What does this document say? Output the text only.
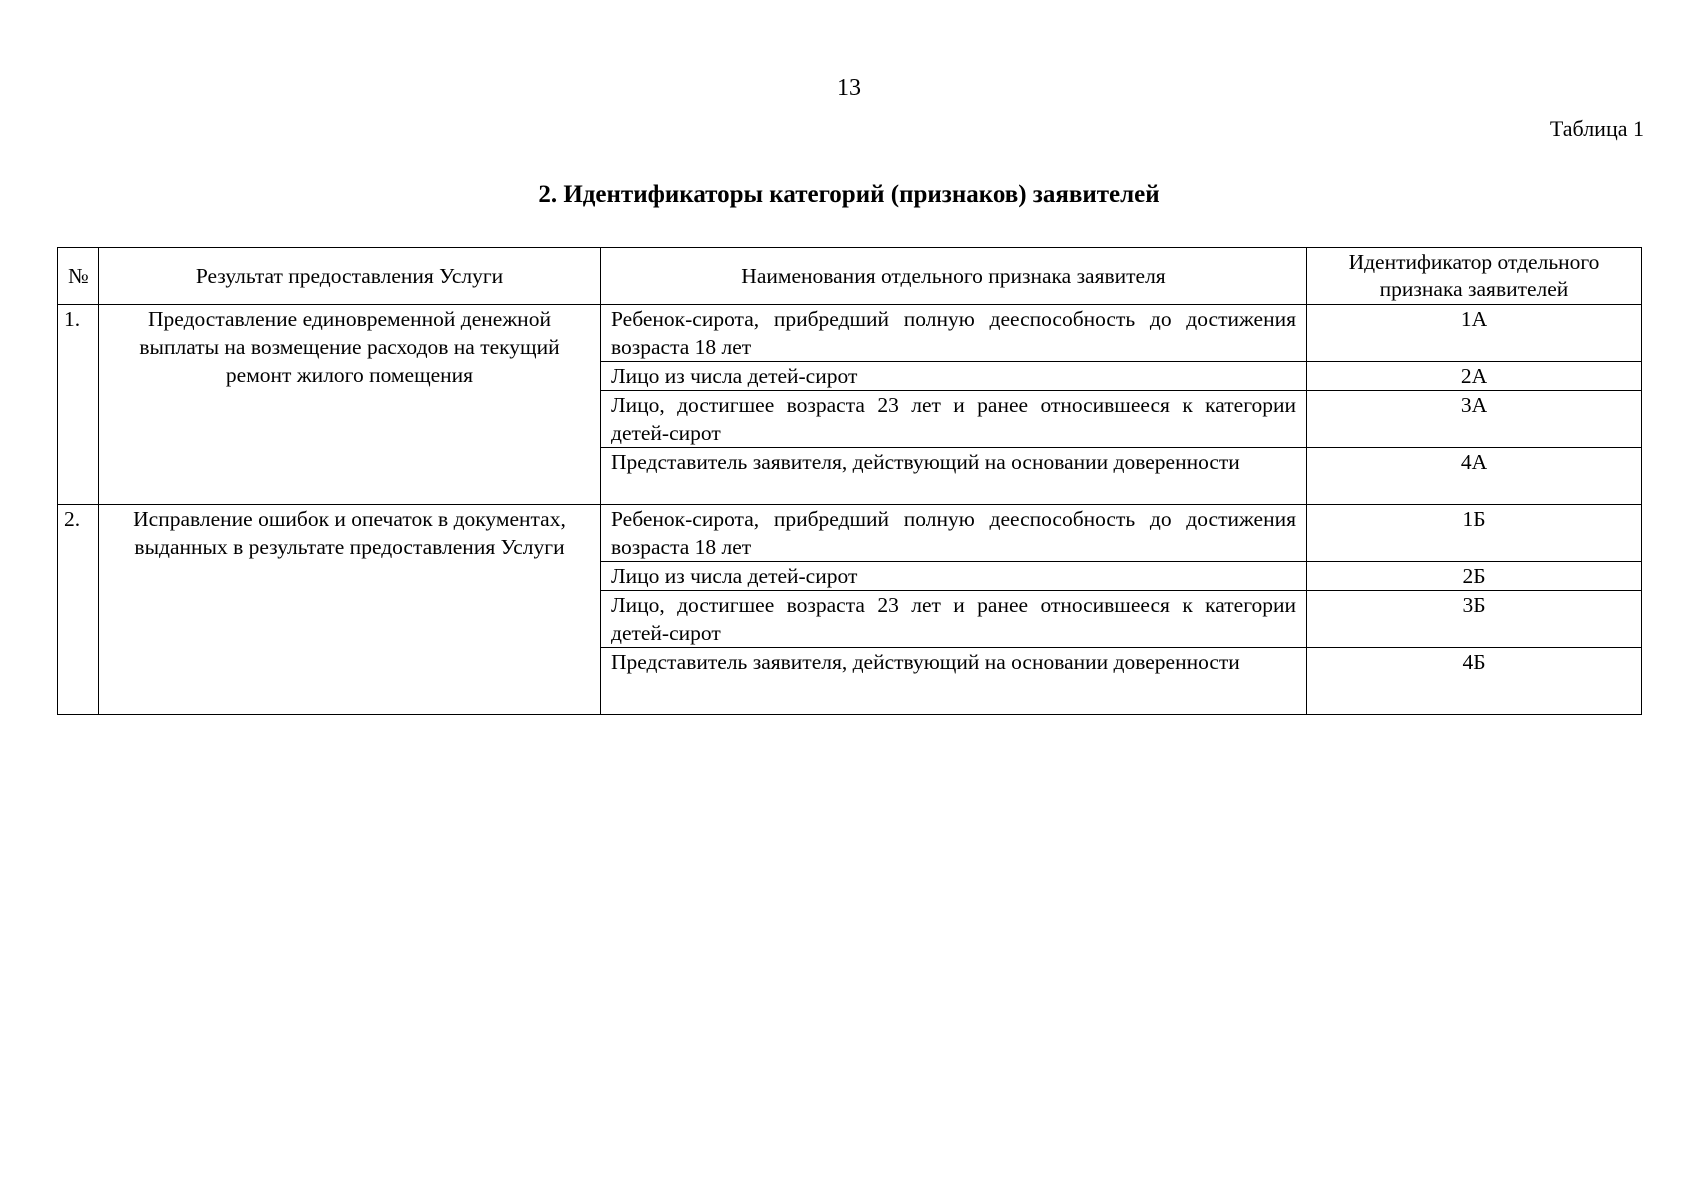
13
Таблица 1
2. Идентификаторы категорий (признаков) заявителей
№	Результат предоставления Услуги	Наименования отдельного признака заявителя	Идентификатор отдельного признака заявителей
1.	Предоставление единовременной денежной выплаты на возмещение расходов на текущий ремонт жилого помещения	Ребенок-сирота, прибредший полную дееспособность до достижения возраста 18 лет	1А
		Лицо из числа детей-сирот	2А
		Лицо, достигшее возраста 23 лет и ранее относившееся к категории детей-сирот	3А
		Представитель заявителя, действующий на основании доверенности	4А
2.	Исправление ошибок и опечаток в документах, выданных в результате предоставления Услуги	Ребенок-сирота, прибредший полную дееспособность до достижения возраста 18 лет	1Б
		Лицо из числа детей-сирот	2Б
		Лицо, достигшее возраста 23 лет и ранее относившееся к категории детей-сирот	3Б
		Представитель заявителя, действующий на основании доверенности	4Б
